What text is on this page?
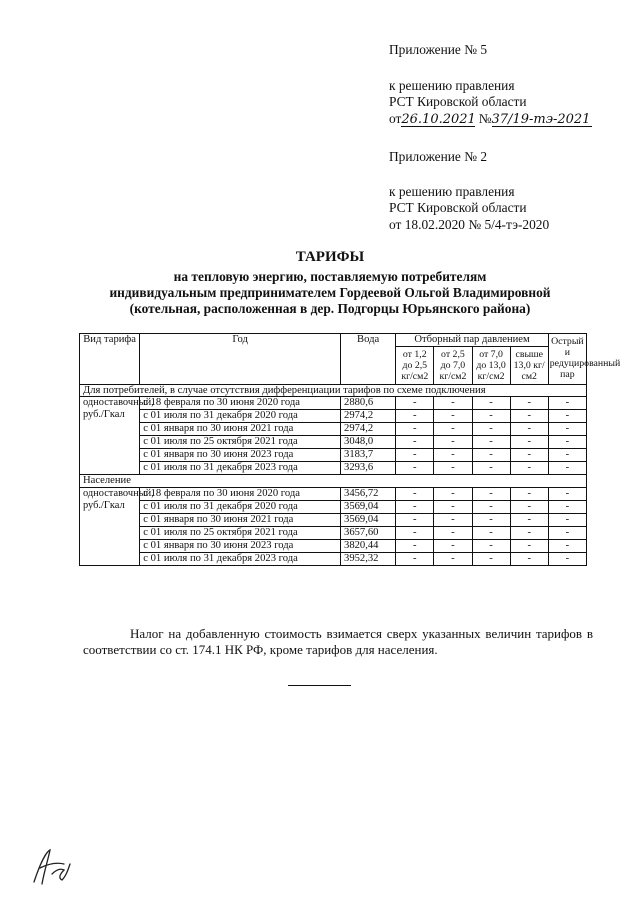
Приложение № 5
к решению правления
РСТ Кировской области
от26.10.2021 №37/19-тэ-2021
Приложение № 2
к решению правления
РСТ Кировской области
от 18.02.2020 № 5/4-тэ-2020
ТАРИФЫ
на тепловую энергию, поставляемую потребителям
индивидуальным предпринимателем Гордеевой Ольгой Владимировной
(котельная, расположенная в дер. Подгорцы Юрьянского района)
Вид тарифа	Год	Вода	Отборный пар давлением				Острый и редуцированный пар
			от 1,2 до 2,5 кг/см2	от 2,5 до 7,0 кг/см2	от 7,0 до 13,0 кг/см2	свыше 13,0 кг/см2	
Для потребителей, в случае отсутствия дифференциации тарифов по схеме подключения							
одноставочный, руб./Гкал	с 18 февраля по 30 июня 2020 года	2880,6	-	-	-	-	-
	с 01 июля по 31 декабря 2020 года	2974,2	-	-	-	-	-
	с 01 января по 30 июня 2021 года	2974,2	-	-	-	-	-
	с 01 июля по 25 октября 2021 года	3048,0	-	-	-	-	-
	с 01 января по 30 июня 2023 года	3183,7	-	-	-	-	-
	с 01 июля по 31 декабря 2023 года	3293,6	-	-	-	-	-
Население							
одноставочный, руб./Гкал	с 18 февраля по 30 июня 2020 года	3456,72	-	-	-	-	-
	с 01 июля по 31 декабря 2020 года	3569,04	-	-	-	-	-
	с 01 января по 30 июня 2021 года	3569,04	-	-	-	-	-
	с 01 июля по 25 октября 2021 года	3657,60	-	-	-	-	-
	с 01 января по 30 июня 2023 года	3820,44	-	-	-	-	-
	с 01 июля по 31 декабря 2023 года	3952,32	-	-	-	-	-
Налог на добавленную стоимость взимается сверх указанных величин тарифов в соответствии со ст. 174.1 НК РФ, кроме тарифов для населения.
